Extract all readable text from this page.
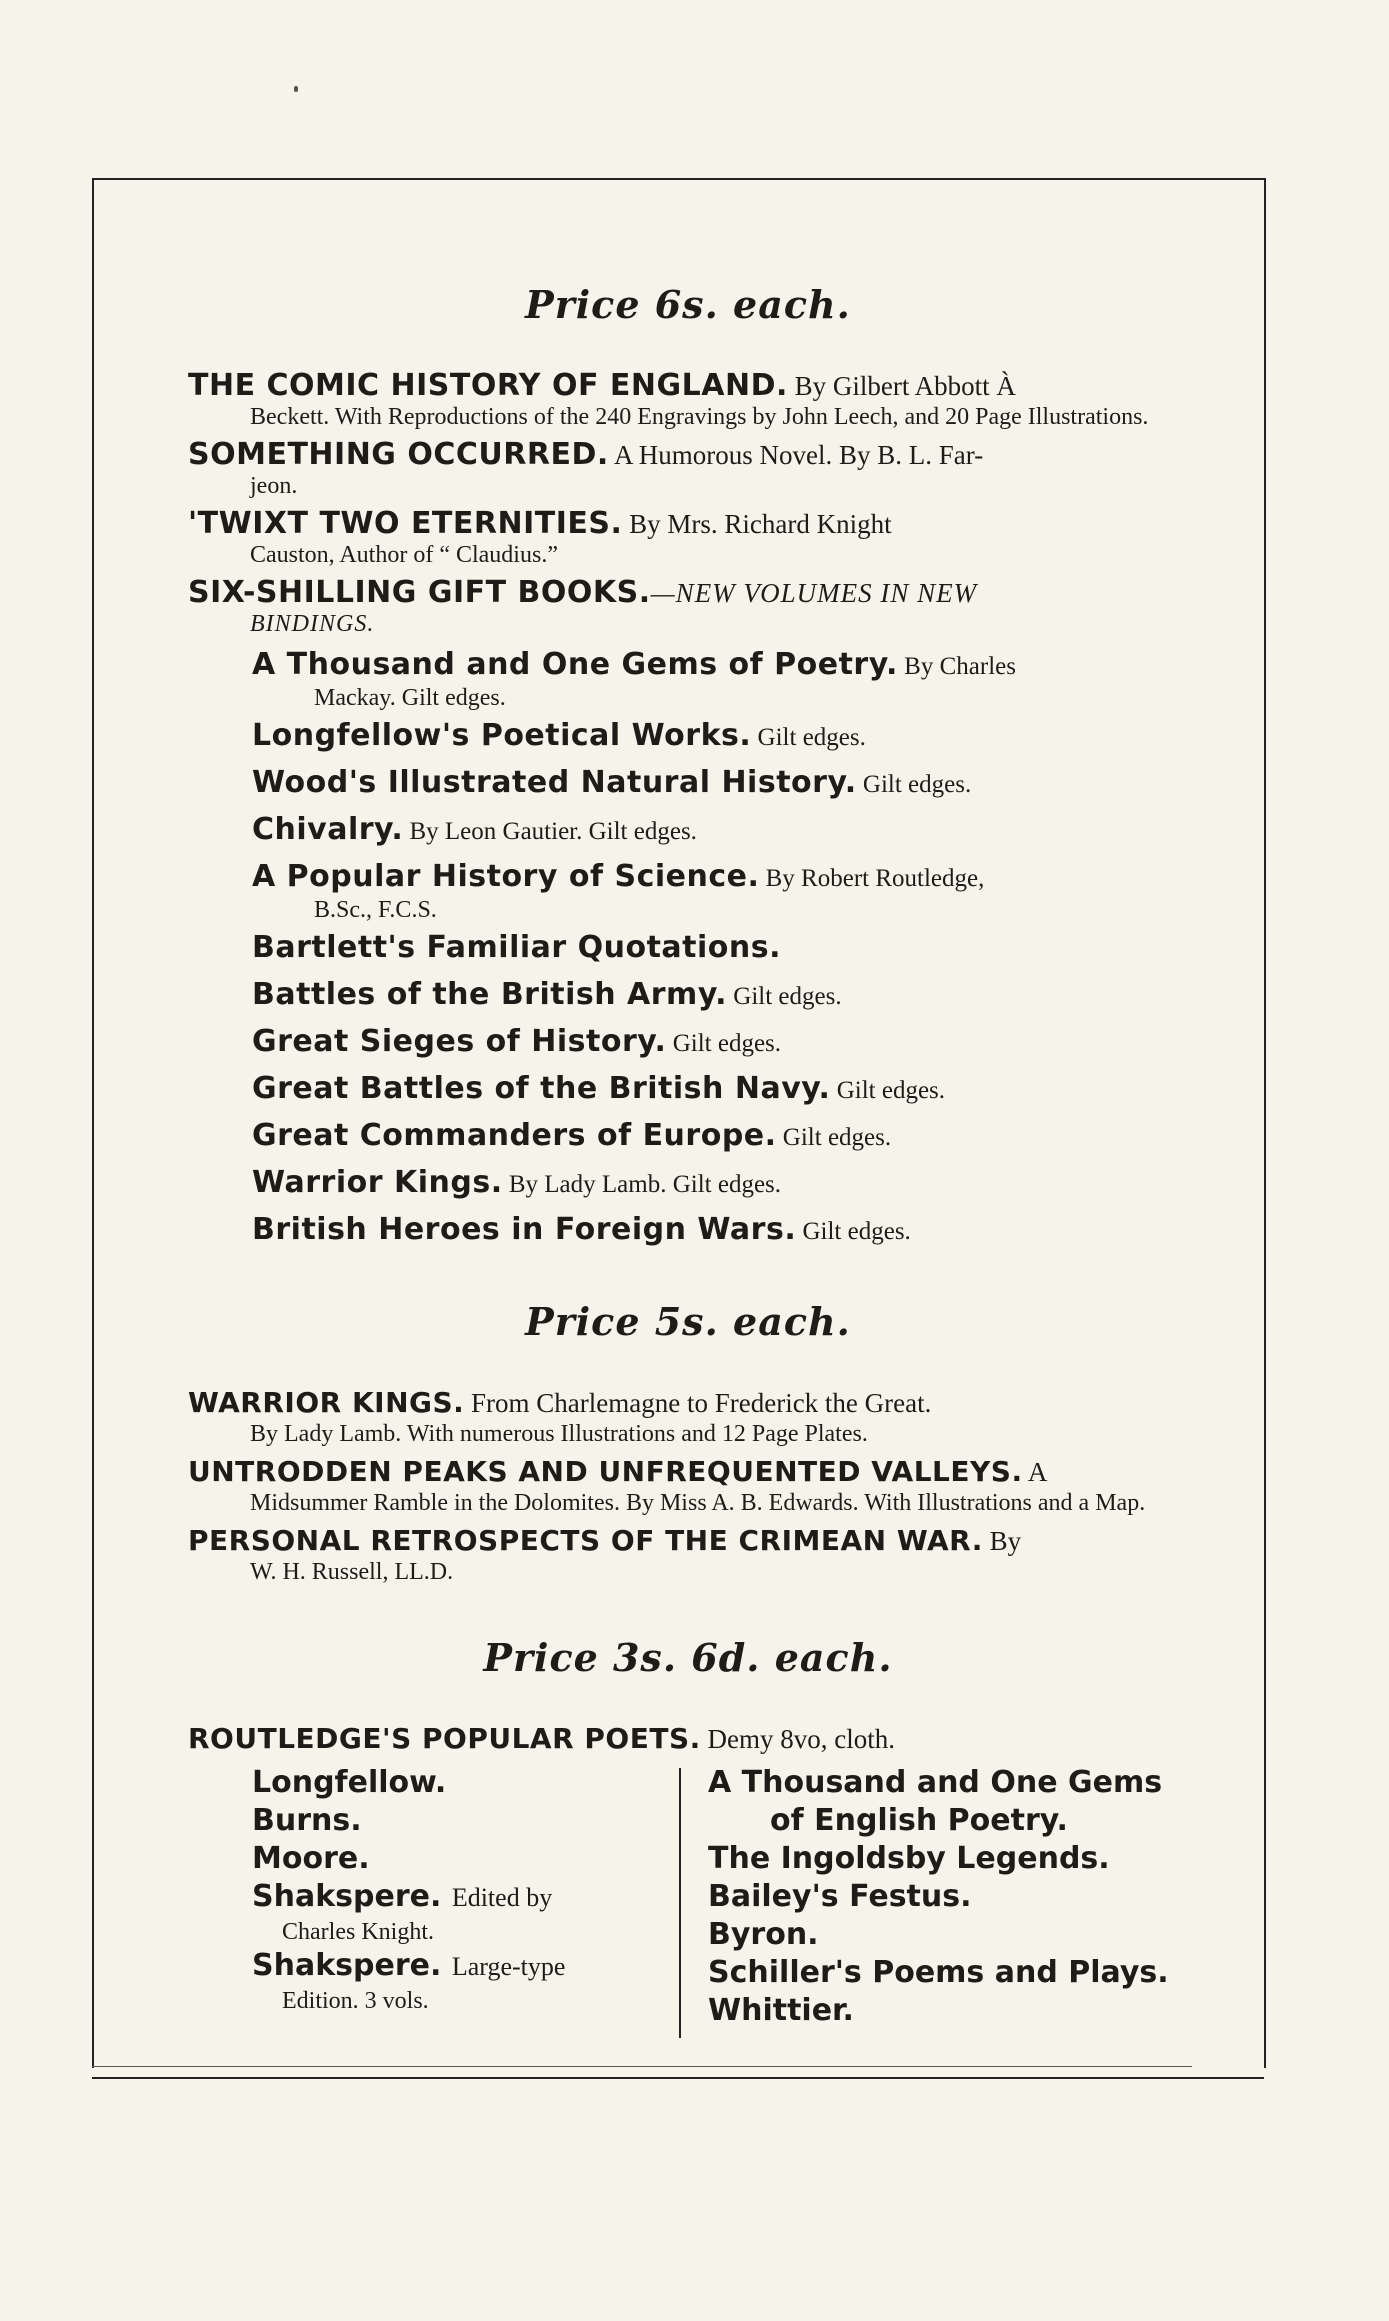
Price 6s. each.
THE COMIC HISTORY OF ENGLAND. By Gilbert Abbott À
Beckett. With Reproductions of the 240 Engravings by John Leech, and 20 Page Illustrations.
SOMETHING OCCURRED. A Humorous Novel. By B. L. Far-
jeon.
'TWIXT TWO ETERNITIES. By Mrs. Richard Knight
Causton, Author of “ Claudius.”
SIX-SHILLING GIFT BOOKS.—NEW VOLUMES IN NEW
BINDINGS.
A Thousand and One Gems of Poetry. By Charles
Mackay. Gilt edges.
Longfellow's Poetical Works. Gilt edges.
Wood's Illustrated Natural History. Gilt edges.
Chivalry. By Leon Gautier. Gilt edges.
A Popular History of Science. By Robert Routledge,
B.Sc., F.C.S.
Bartlett's Familiar Quotations.
Battles of the British Army. Gilt edges.
Great Sieges of History. Gilt edges.
Great Battles of the British Navy. Gilt edges.
Great Commanders of Europe. Gilt edges.
Warrior Kings. By Lady Lamb. Gilt edges.
British Heroes in Foreign Wars. Gilt edges.
Price 5s. each.
WARRIOR KINGS. From Charlemagne to Frederick the Great.
By Lady Lamb. With numerous Illustrations and 12 Page Plates.
UNTRODDEN PEAKS AND UNFREQUENTED VALLEYS. A
Midsummer Ramble in the Dolomites. By Miss A. B. Edwards. With Illustrations and a Map.
PERSONAL RETROSPECTS OF THE CRIMEAN WAR. By
W. H. Russell, LL.D.
Price 3s. 6d. each.
ROUTLEDGE'S POPULAR POETS. Demy 8vo, cloth.
Longfellow.
Burns.
Moore.
Shakspere. Edited by
Charles Knight.
Shakspere. Large-type
Edition. 3 vols.
A Thousand and One Gems
of English Poetry.
The Ingoldsby Legends.
Bailey's Festus.
Byron.
Schiller's Poems and Plays.
Whittier.
